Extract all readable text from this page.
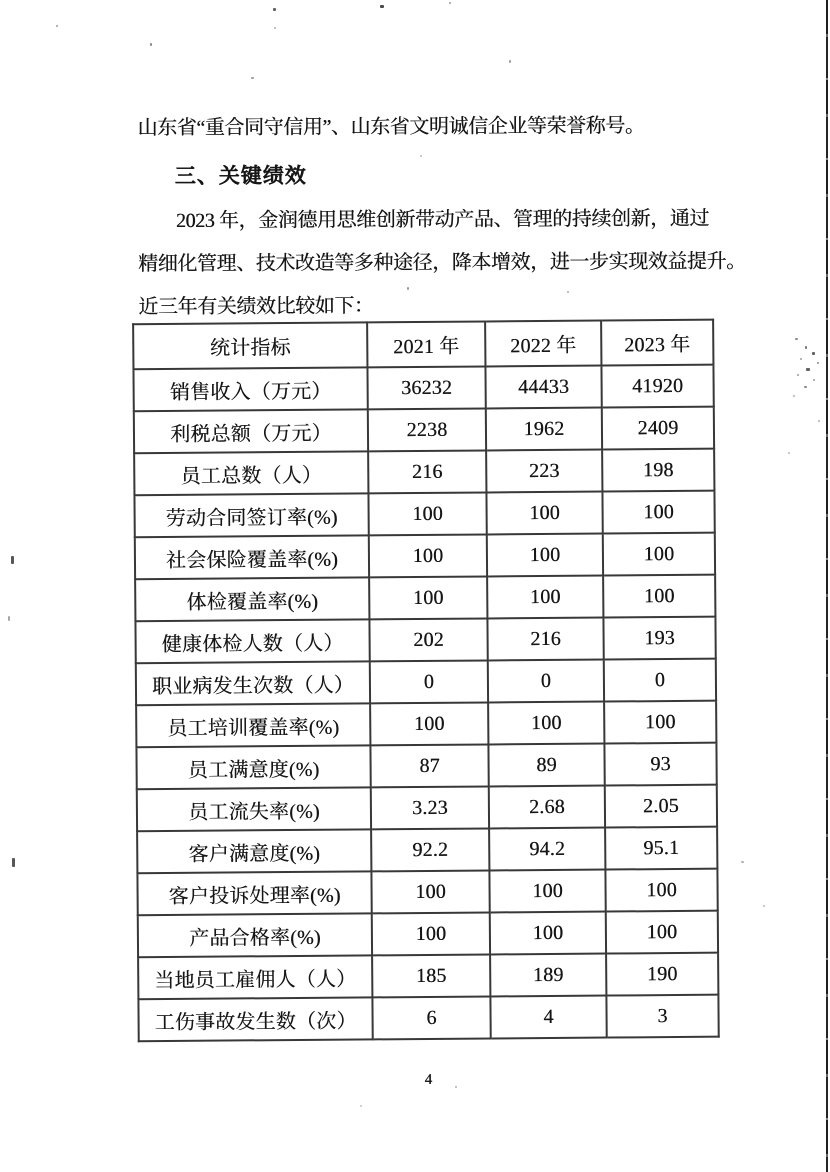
山东省“重合同守信用”、山东省文明诚信企业等荣誉称号。
三、关键绩效
2023 年，金润德用思维创新带动产品、管理的持续创新，通过
精细化管理、技术改造等多种途径，降本增效，进一步实现效益提升。
近三年有关绩效比较如下：
统计指标	2021 年	2022 年	2023 年
销售收入（万元）	36232	44433	41920
利税总额（万元）	2238	1962	2409
员工总数（人）	216	223	198
劳动合同签订率(%)	100	100	100
社会保险覆盖率(%)	100	100	100
体检覆盖率(%)	100	100	100
健康体检人数（人）	202	216	193
职业病发生次数（人）	0	0	0
员工培训覆盖率(%)	100	100	100
员工满意度(%)	87	89	93
员工流失率(%)	3.23	2.68	2.05
客户满意度(%)	92.2	94.2	95.1
客户投诉处理率(%)	100	100	100
产品合格率(%)	100	100	100
当地员工雇佣人（人）	185	189	190
工伤事故发生数（次）	6	4	3
4
